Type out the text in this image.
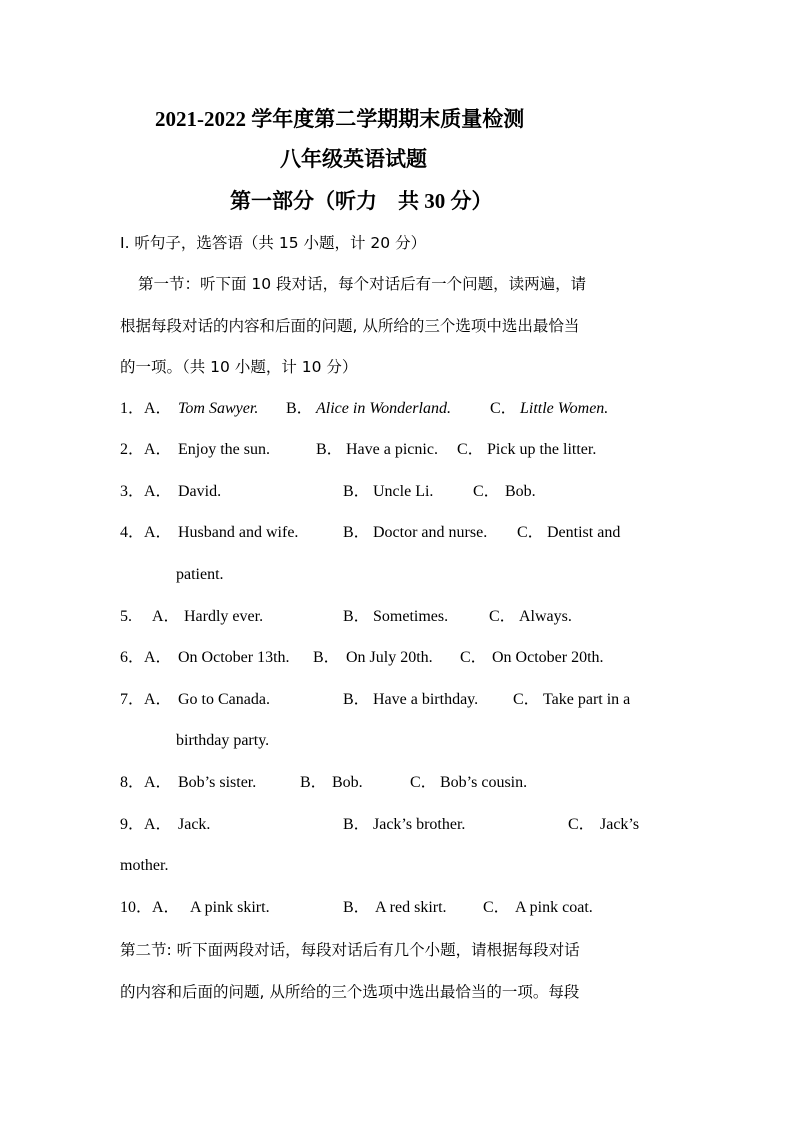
2021-2022 学年度第二学期期末质量检测
八年级英语试题
第一部分（听力　共 30 分）
I. 听句子，选答语（共 15 小题，计 20 分）
第一节：听下面 10 段对话，每个对话后有一个问题，读两遍，请
根据每段对话的内容和后面的问题, 从所给的三个选项中选出最恰当
的一项。（共 10 小题，计 10 分）
1． A． Tom Sawyer. B． Alice in Wonderland. C． Little Women.
2． A． Enjoy the sun.	B． Have a picnic. C． Pick up the litter.
3． A． David.	B． Uncle Li. C． Bob.
4． A． Husband and wife.	B． Doctor and nurse. C． Dentist and
patient.
5. A． Hardly ever.	B． Sometimes.	C． Always.
6． A． On October 13th. B． On July 20th. C． On October 20th.
7． A． Go to Canada.	B． Have a birthday. C． Take part in a
birthday party.
8． A． Bob’s sister.	B． Bob.	C． Bob’s cousin.
9． A． Jack.	B． Jack’s brother.	C． Jack’s
mother.
10． A． A pink skirt.	B． A red skirt. C． A pink coat.
第二节: 听下面两段对话，每段对话后有几个小题，请根据每段对话
的内容和后面的问题, 从所给的三个选项中选出最恰当的一项。每段
